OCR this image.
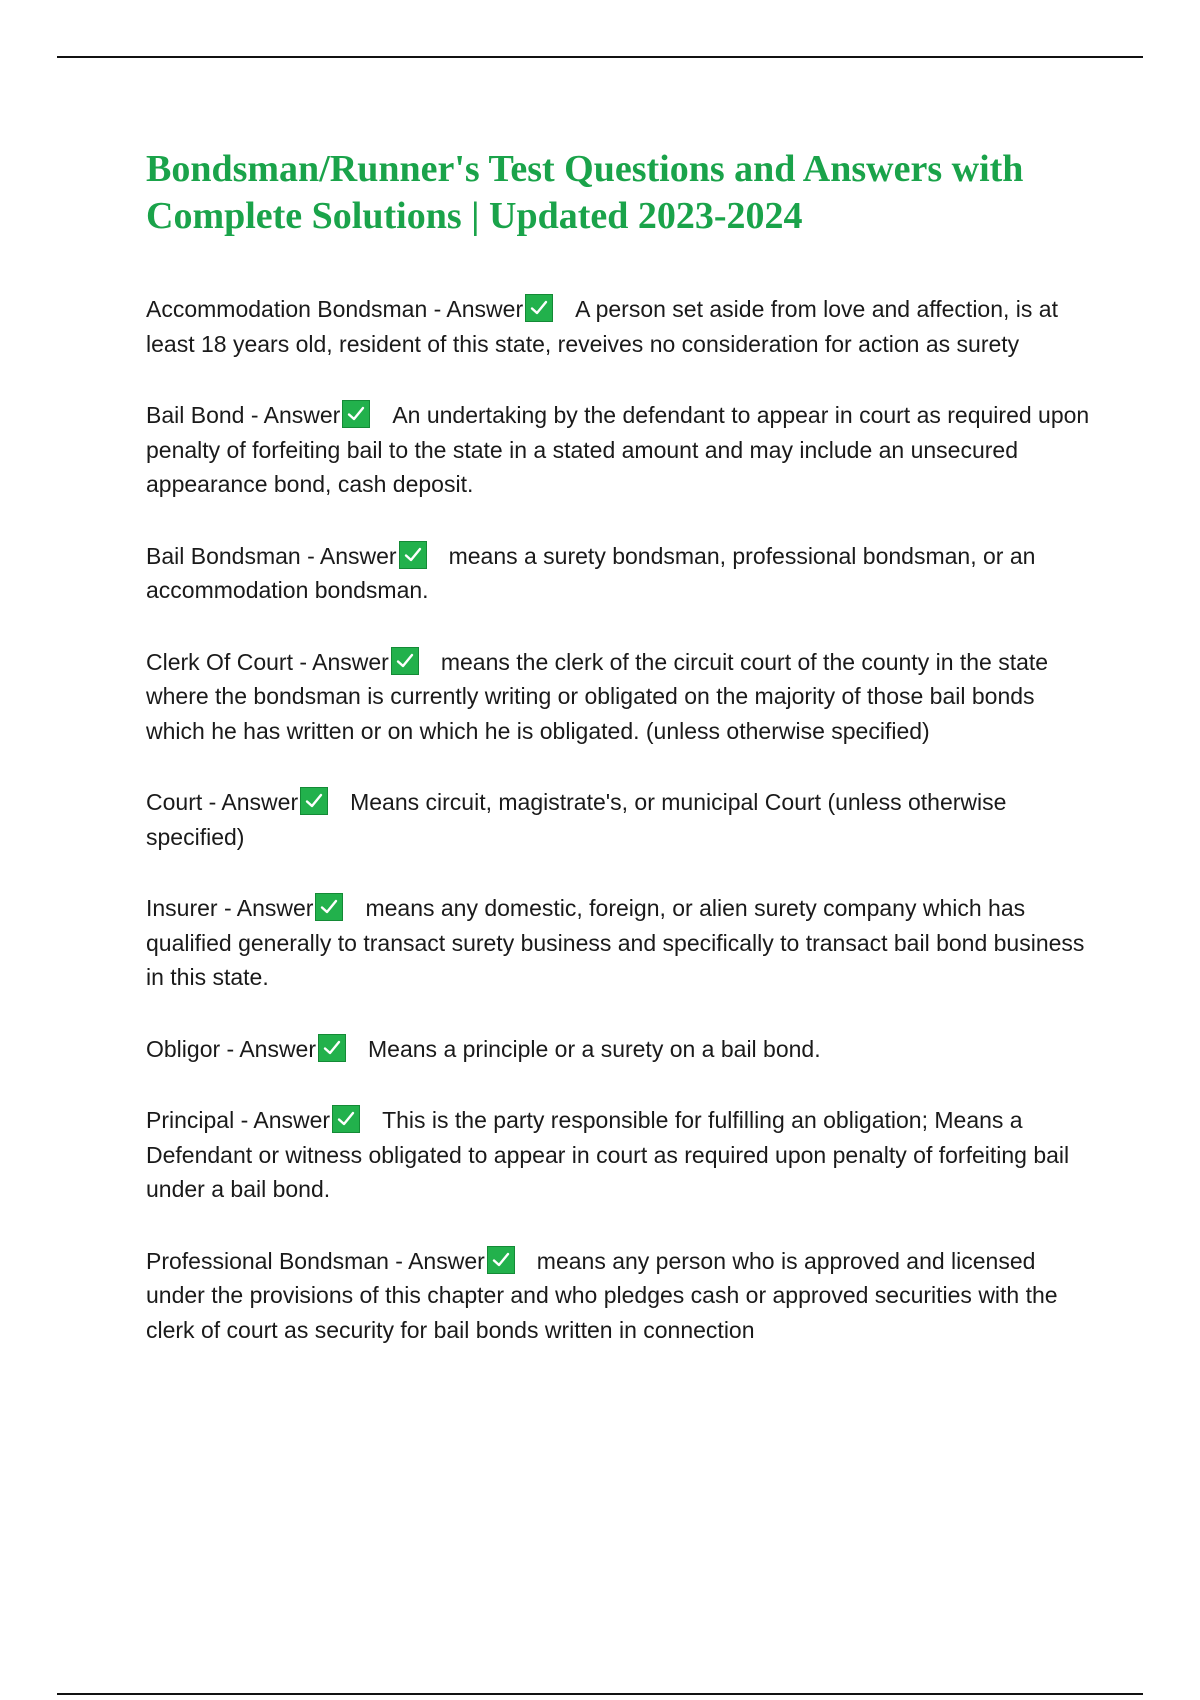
Bondsman/Runner's Test Questions and Answers with Complete Solutions | Updated 2023-2024

Accommodation Bondsman - Answer A person set aside from love and affection, is at least 18 years old, resident of this state, reveives no consideration for action as surety

Bail Bond - Answer An undertaking by the defendant to appear in court as required upon penalty of forfeiting bail to the state in a stated amount and may include an unsecured appearance bond, cash deposit.

Bail Bondsman - Answer means a surety bondsman, professional bondsman, or an accommodation bondsman.

Clerk Of Court - Answer means the clerk of the circuit court of the county in the state where the bondsman is currently writing or obligated on the majority of those bail bonds which he has written or on which he is obligated. (unless otherwise specified)

Court - Answer Means circuit, magistrate's, or municipal Court (unless otherwise specified)

Insurer - Answer means any domestic, foreign, or alien surety company which has qualified generally to transact surety business and specifically to transact bail bond business in this state.

Obligor - Answer Means a principle or a surety on a bail bond.

Principal - Answer This is the party responsible for fulfilling an obligation; Means a Defendant or witness obligated to appear in court as required upon penalty of forfeiting bail under a bail bond.

Professional Bondsman - Answer means any person who is approved and licensed under the provisions of this chapter and who pledges cash or approved securities with the clerk of court as security for bail bonds written in connection
